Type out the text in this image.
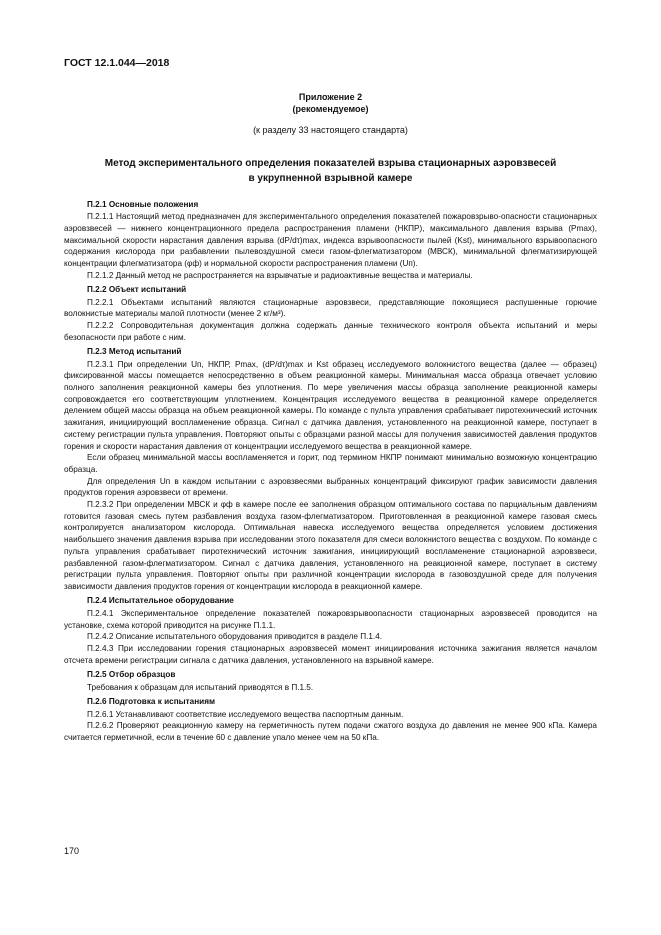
ГОСТ 12.1.044—2018
Приложение 2
(рекомендуемое)
(к разделу 33 настоящего стандарта)
Метод экспериментального определения показателей взрыва стационарных аэровзвесей
в укрупненной взрывной камере
П.2.1 Основные положения

П.2.1.1 Настоящий метод предназначен для экспериментального определения показателей пожаровзрыво-опасности стационарных аэровзвесей — нижнего концентрационного предела распространения пламени (НКПР), максимального давления взрыва (Pmax), максимальной скорости нарастания давления взрыва (dP/dτ)max, индекса взрывоопасности пылей (Kst), минимального взрывоопасного содержания кислорода при разбавлении пылевоздушной смеси газом-флегматизатором (МВСК), минимальной флегматизирующей концентрации флегматизатора (φф) и нормальной скорости распространения пламени (Uп).

П.2.1.2 Данный метод не распространяется на взрывчатые и радиоактивные вещества и материалы.

П.2.2 Объект испытаний

П.2.2.1 Объектами испытаний являются стационарные аэровзвеси, представляющие покоящиеся распушенные горючие волокнистые материалы малой плотности (менее 2 кг/м³).

П.2.2.2 Сопроводительная документация должна содержать данные технического контроля объекта испытаний и меры безопасности при работе с ним.

П.2.3 Метод испытаний

П.2.3.1 При определении Uп, НКПР, Pmax, (dP/dτ)max и Kst образец исследуемого волокнистого вещества (далее — образец) фиксированной массы помещается непосредственно в объем реакционной камеры. Минимальная масса образца отвечает условию полного заполнения реакционной камеры без уплотнения. По мере увеличения массы образца заполнение реакционной камеры сопровождается его соответствующим уплотнением. Концентрация исследуемого вещества в реакционной камере определяется делением общей массы образца на объем реакционной камеры. По команде с пульта управления срабатывает пиротехнический источник зажигания, инициирующий воспламенение образца. Сигнал с датчика давления, установленного на реакционной камере, поступает в систему регистрации пульта управления. Повторяют опыты с образцами разной массы для получения зависимостей давления продуктов горения и скорости нарастания давления от концентрации исследуемого вещества в реакционной камере.

Если образец минимальной массы воспламеняется и горит, под термином НКПР понимают минимально возможную концентрацию образца.

Для определения Uп в каждом испытании с аэровзвесями выбранных концентраций фиксируют график зависимости давления продуктов горения аэровзвеси от времени.

П.2.3.2 При определении МВСК и φф в камере после ее заполнения образцом оптимального состава по парциальным давлениям готовится газовая смесь путем разбавления воздуха газом-флегматизатором. Приготовленная в реакционной камере газовая смесь контролируется анализатором кислорода. Оптимальная навеска исследуемого вещества определяется условием достижения наибольшего значения давления взрыва при исследовании этого показателя для смеси волокнистого вещества с воздухом. По команде с пульта управления срабатывает пиротехнический источник зажигания, инициирующий воспламенение стационарной аэровзвеси, разбавленной газом-флегматизатором. Сигнал с датчика давления, установленного на реакционной камере, поступает в систему регистрации пульта управления. Повторяют опыты при различной концентрации кислорода в газовоздушной среде для получения зависимости давления продуктов горения от концентрации кислорода в реакционной камере.

П.2.4 Испытательное оборудование

П.2.4.1 Экспериментальное определение показателей пожаровзрывоопасности стационарных аэровзвесей проводится на установке, схема которой приводится на рисунке П.1.1.

П.2.4.2 Описание испытательного оборудования приводится в разделе П.1.4.

П.2.4.3 При исследовании горения стационарных аэровзвесей момент инициирования источника зажигания является началом отсчета времени регистрации сигнала с датчика давления, установленного на взрывной камере.

П.2.5 Отбор образцов

Требования к образцам для испытаний приводятся в П.1.5.

П.2.6 Подготовка к испытаниям

П.2.6.1 Устанавливают соответствие исследуемого вещества паспортным данным.

П.2.6.2 Проверяют реакционную камеру на герметичность путем подачи сжатого воздуха до давления не менее 900 кПа. Камера считается герметичной, если в течение 60 с давление упало менее чем на 50 кПа.

170
